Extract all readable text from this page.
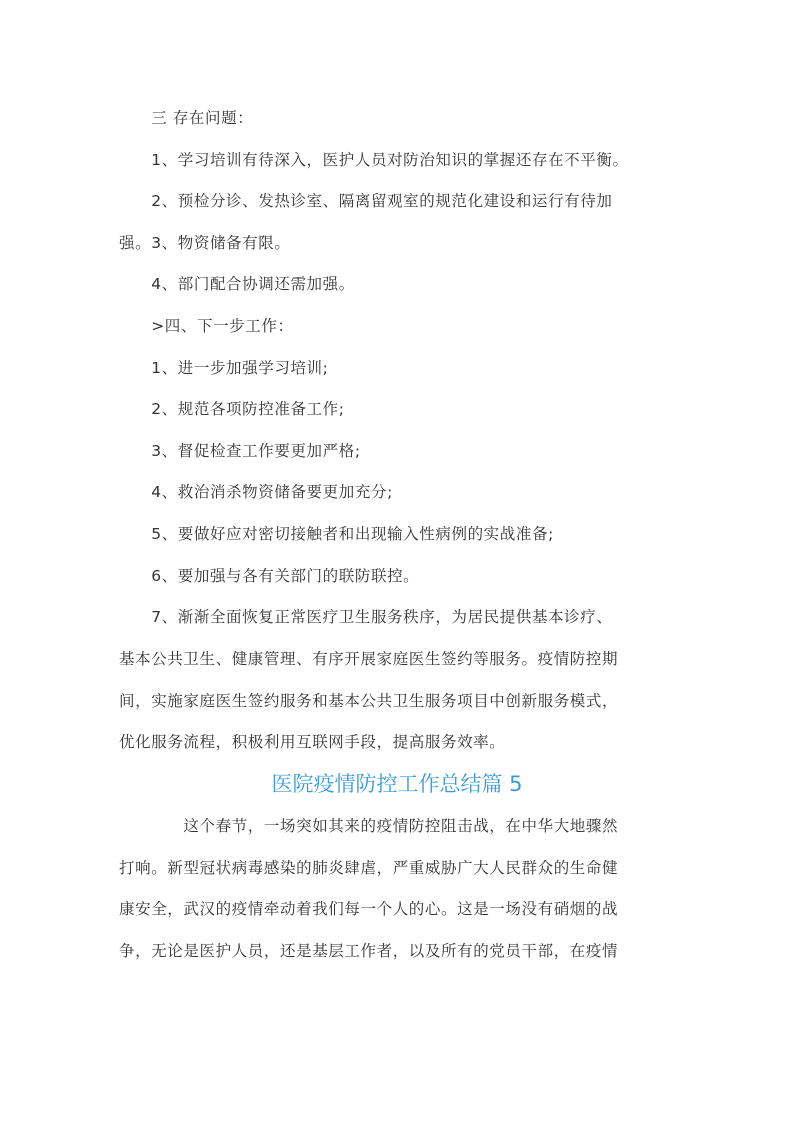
　　三 存在问题：
　　1、学习培训有待深入，医护人员对防治知识的掌握还存在不平衡。
　　2、预检分诊、发热诊室、隔离留观室的规范化建设和运行有待加
强。3、物资储备有限。
　　4、部门配合协调还需加强。
　　>四、下一步工作：
　　1、进一步加强学习培训;
　　2、规范各项防控准备工作;
　　3、督促检查工作要更加严格;
　　4、救治消杀物资储备要更加充分;
　　5、要做好应对密切接触者和出现输入性病例的实战准备;
　　6、要加强与各有关部门的联防联控。
　　7、渐渐全面恢复正常医疗卫生服务秩序，为居民提供基本诊疗、
基本公共卫生、健康管理、有序开展家庭医生签约等服务。疫情防控期
间，实施家庭医生签约服务和基本公共卫生服务项目中创新服务模式，
优化服务流程，积极利用互联网手段，提高服务效率。
医院疫情防控工作总结篇 5
　　　　这个春节，一场突如其来的疫情防控阻击战，在中华大地骤然
打响。新型冠状病毒感染的肺炎肆虐，严重威胁广大人民群众的生命健
康安全，武汉的疫情牵动着我们每一个人的心。这是一场没有硝烟的战
争，无论是医护人员，还是基层工作者，以及所有的党员干部，在疫情
